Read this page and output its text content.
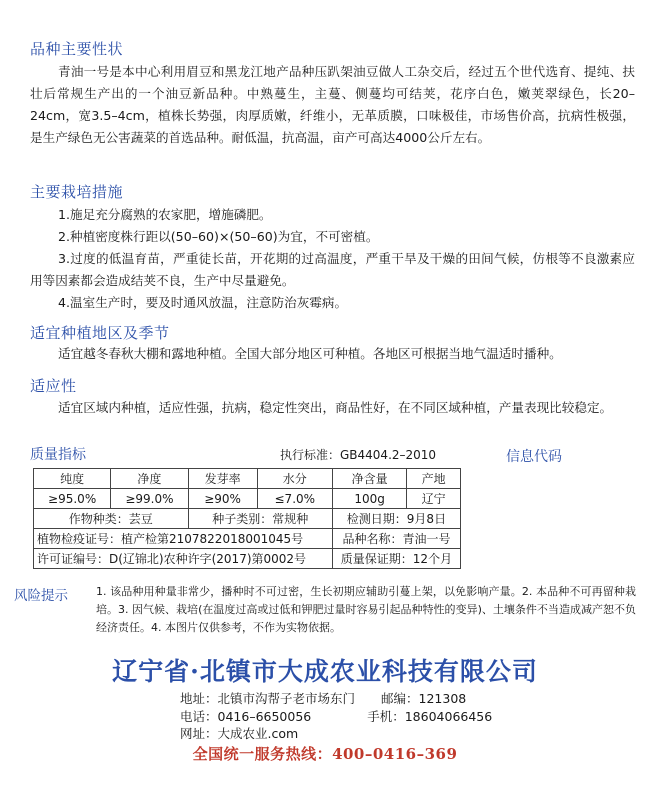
品种主要性状

青油一号是本中心利用眉豆和黑龙江地产品种压趴架油豆做人工杂交后，经过五个世代选育、提纯、扶壮后常规生产出的一个油豆新品种。中熟蔓生，主蔓、侧蔓均可结荚，花序白色，嫩荚翠绿色，长20–24cm，宽3.5–4cm，植株长势强，肉厚质嫩，纤维小，无革质膜，口味极佳，市场售价高，抗病性极强，是生产绿色无公害蔬菜的首选品种。耐低温，抗高温，亩产可高达4000公斤左右。

主要栽培措施
1.施足充分腐熟的农家肥，增施磷肥。
2.种植密度株行距以(50–60)×(50–60)为宜，不可密植。
3.过度的低温育苗，严重徒长苗，开花期的过高温度，严重干旱及干燥的田间气候，仿根等不良激素应用等因素都会造成结荚不良，生产中尽量避免。
4.温室生产时，要及时通风放温，注意防治灰霉病。
适宜种植地区及季节

适宜越冬春秋大棚和露地种植。全国大部分地区可种植。各地区可根据当地气温适时播种。

适应性

适宜区域内种植，适应性强，抗病，稳定性突出，商品性好，在不同区域种植，产量表现比较稳定。

质量指标	执行标准：GB4404.2–2010	信息代码
纯度	净度	发芽率	水分	净含量	产地
≥95.0%	≥99.0%	≥90%	≤7.0%	100g	辽宁
作物种类：芸豆		种子类别：常规种		检测日期：9月8日	
植物检疫证号：植产检第2107822018001045号				品种名称：青油一号	
许可证编号：D(辽锦北)农种许字(2017)第0002号				质量保证期：12个月	
风险提示	1. 该品种用种量非常少，播种时不可过密，生长初期应辅助引蔓上架，以免影响产量。2. 本品种不可再留种栽培。3. 因气候、栽培(在温度过高或过低和钾肥过量时容易引起品种特性的变异)、土壤条件不当造成减产恕不负经济责任。4. 本图片仅供参考，不作为实物依据。

辽宁省·北镇市大成农业科技有限公司
地址：北镇市沟帮子老市场东门 邮编：121308
电话：0416–6650056	手机：18604066456
网址：大成农业.com
全国统一服务热线：400–0416–369
